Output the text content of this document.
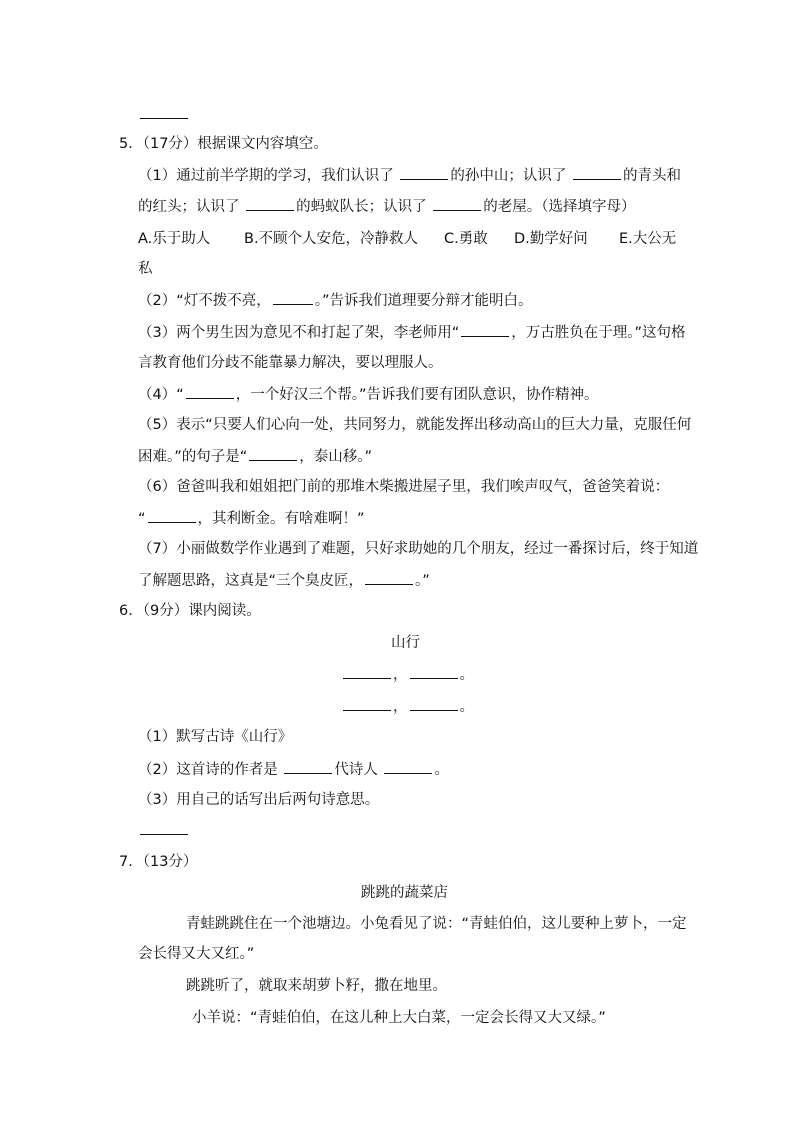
5．（17分）根据课文内容填空。
（1）通过前半学期的学习，我们认识了	的孙中山；认识了	的青头和
的红头；认识了	的蚂蚁队长；认识了	的老屋。（选择填字母）
A.乐于助人 B.不顾个人安危，冷静救人 C.勇敢 D.勤学好问 E.大公无
私
（2）“灯不拨不亮，	。”告诉我们道理要分辩才能明白。
（3）两个男生因为意见不和打起了架，李老师用“	，万古胜负在于理。”这句格
言教育他们分歧不能靠暴力解决，要以理服人。
（4）“	，一个好汉三个帮。”告诉我们要有团队意识，协作精神。
（5）表示“只要人们心向一处，共同努力，就能发挥出移动高山的巨大力量，克服任何
困难。”的句子是“	，泰山移。”
（6）爸爸叫我和姐姐把门前的那堆木柴搬进屋子里，我们唉声叹气，爸爸笑着说：
“	，其利断金。有啥难啊！”
（7）小丽做数学作业遇到了难题，只好求助她的几个朋友，经过一番探讨后，终于知道
了解题思路，这真是“三个臭皮匠，	。”
6．（9分）课内阅读。
山行
，	。
，	。
（1）默写古诗《山行》
（2）这首诗的作者是	代诗人	。
（3）用自己的话写出后两句诗意思。
7．（13分）
跳跳的蔬菜店
青蛙跳跳住在一个池塘边。小兔看见了说：“青蛙伯伯，这儿要种上萝卜，一定
会长得又大又红。”
跳跳听了，就取来胡萝卜籽，撒在地里。
小羊说：“青蛙伯伯，在这儿种上大白菜，一定会长得又大又绿。”
